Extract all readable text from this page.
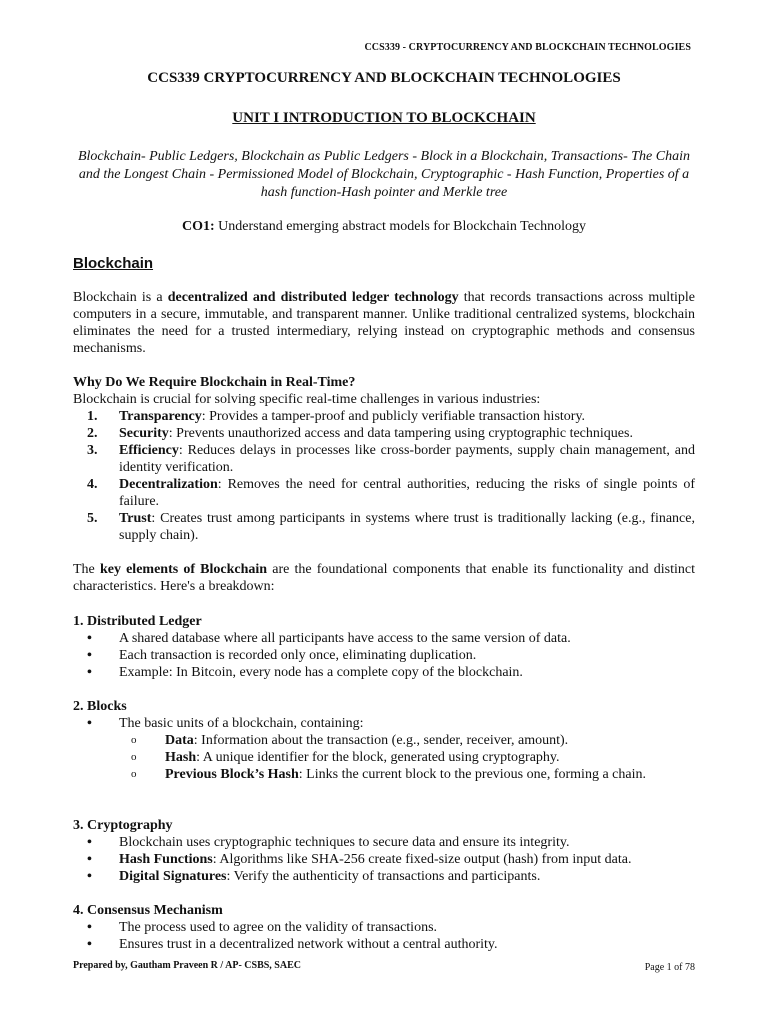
CCS339 - CRYPTOCURRENCY AND BLOCKCHAIN TECHNOLOGIES
CCS339 CRYPTOCURRENCY AND BLOCKCHAIN TECHNOLOGIES
UNIT I INTRODUCTION TO BLOCKCHAIN
Blockchain- Public Ledgers, Blockchain as Public Ledgers - Block in a Blockchain, Transactions- The Chain and the Longest Chain - Permissioned Model of Blockchain, Cryptographic - Hash Function, Properties of a hash function-Hash pointer and Merkle tree
CO1: Understand emerging abstract models for Blockchain Technology
Blockchain
Blockchain is a decentralized and distributed ledger technology that records transactions across multiple computers in a secure, immutable, and transparent manner. Unlike traditional centralized systems, blockchain eliminates the need for a trusted intermediary, relying instead on cryptographic methods and consensus mechanisms.
Why Do We Require Blockchain in Real-Time?
Blockchain is crucial for solving specific real-time challenges in various industries:
1.	Transparency: Provides a tamper-proof and publicly verifiable transaction history.
2.	Security: Prevents unauthorized access and data tampering using cryptographic techniques.
3.	Efficiency: Reduces delays in processes like cross-border payments, supply chain management, and identity verification.
4.	Decentralization: Removes the need for central authorities, reducing the risks of single points of failure.
5.	Trust: Creates trust among participants in systems where trust is traditionally lacking (e.g., finance, supply chain).
The key elements of Blockchain are the foundational components that enable its functionality and distinct characteristics. Here's a breakdown:
1. Distributed Ledger
•	A shared database where all participants have access to the same version of data.
•	Each transaction is recorded only once, eliminating duplication.
•	Example: In Bitcoin, every node has a complete copy of the blockchain.
2. Blocks
•	The basic units of a blockchain, containing:
o	Data: Information about the transaction (e.g., sender, receiver, amount).
o	Hash: A unique identifier for the block, generated using cryptography.
o	Previous Block’s Hash: Links the current block to the previous one, forming a chain.
3. Cryptography
•	Blockchain uses cryptographic techniques to secure data and ensure its integrity.
•	Hash Functions: Algorithms like SHA-256 create fixed-size output (hash) from input data.
•	Digital Signatures: Verify the authenticity of transactions and participants.
4. Consensus Mechanism
•	The process used to agree on the validity of transactions.
•	Ensures trust in a decentralized network without a central authority.
Prepared by, Gautham Praveen R / AP- CSBS, SAEC	Page 1 of 78
